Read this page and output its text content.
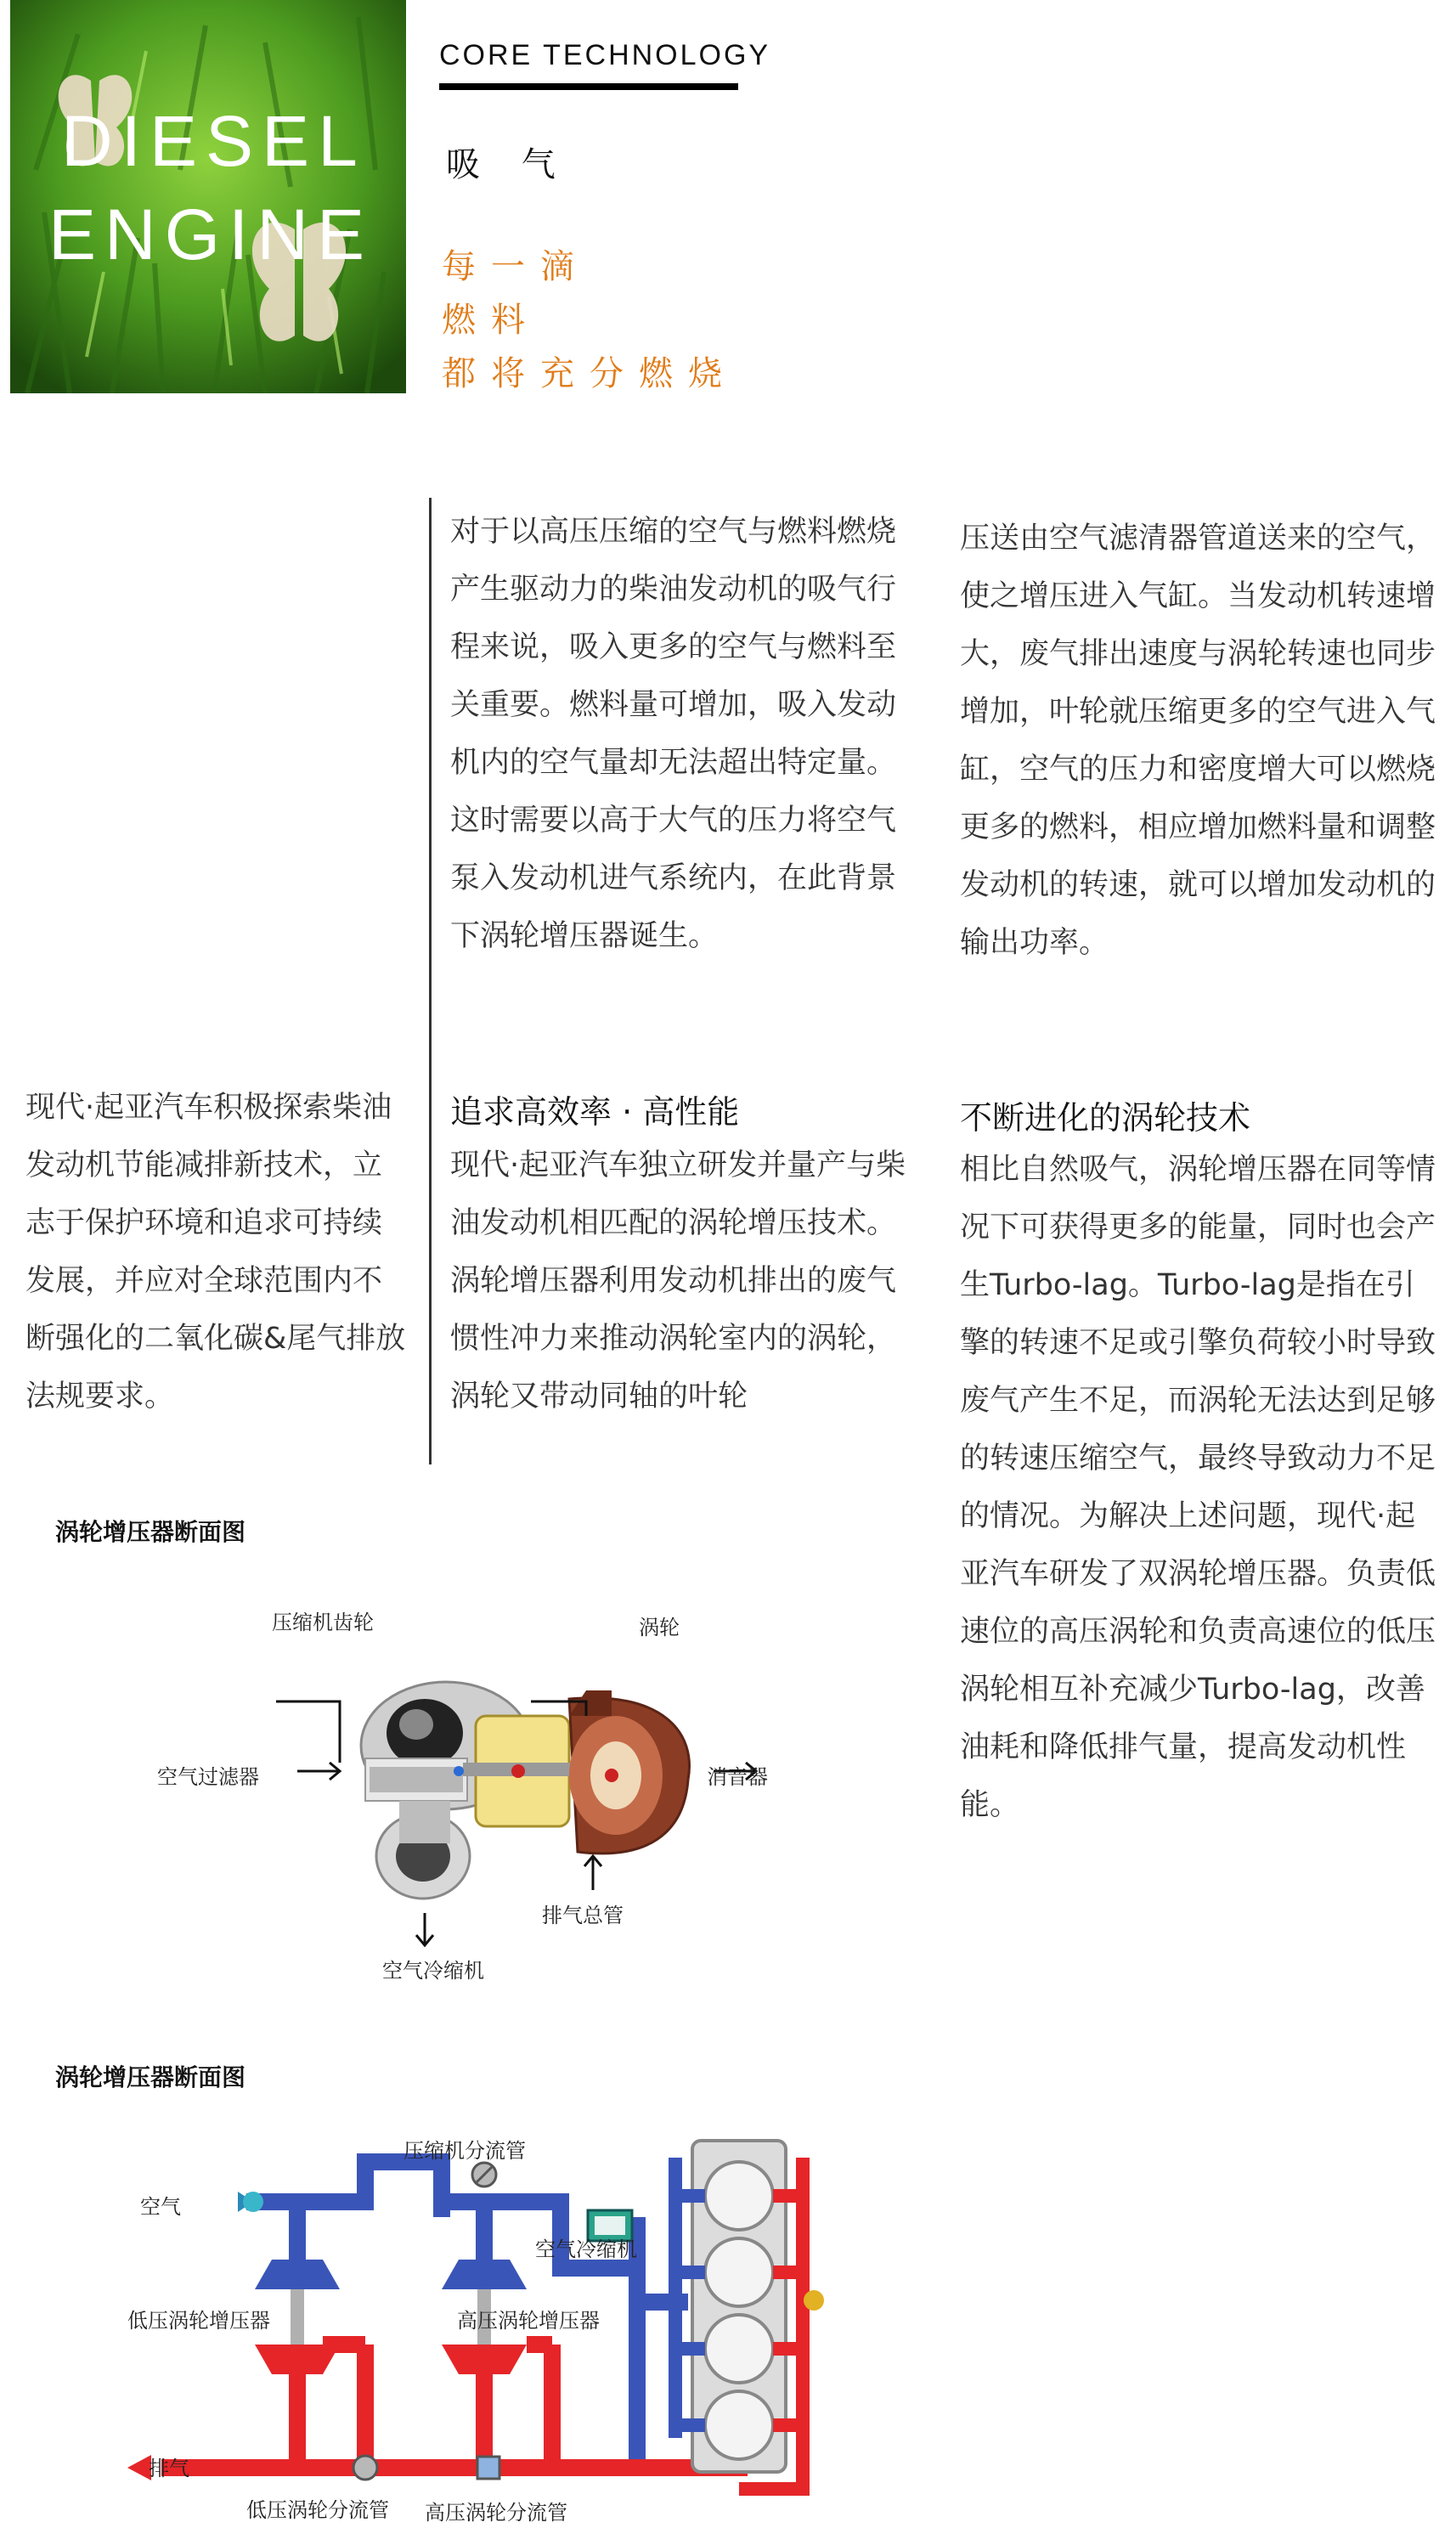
DIESEL
ENGINE
CORE TECHNOLOGY
吸 气
每一滴
燃料
都将充分燃烧

现代·起亚汽车积极探索柴油发动机节能减排新技术，立志于保护环境和追求可持续发展，并应对全球范围内不断强化的二氧化碳&尾气排放法规要求。

对于以高压压缩的空气与燃料燃烧产生驱动力的柴油发动机的吸气行程来说，吸入更多的空气与燃料至关重要。燃料量可增加，吸入发动机内的空气量却无法超出特定量。这时需要以高于大气的压力将空气泵入发动机进气系统内，在此背景下涡轮增压器诞生。

追求高效率 · 高性能

现代·起亚汽车独立研发并量产与柴油发动机相匹配的涡轮增压技术。涡轮增压器利用发动机排出的废气惯性冲力来推动涡轮室内的涡轮，涡轮又带动同轴的叶轮

压送由空气滤清器管道送来的空气，使之增压进入气缸。当发动机转速增大，废气排出速度与涡轮转速也同步增加，叶轮就压缩更多的空气进入气缸，空气的压力和密度增大可以燃烧更多的燃料，相应增加燃料量和调整发动机的转速，就可以增加发动机的输出功率。

不断进化的涡轮技术

相比自然吸气，涡轮增压器在同等情况下可获得更多的能量，同时也会产生Turbo-lag。Turbo-lag是指在引擎的转速不足或引擎负荷较小时导致废气产生不足，而涡轮无法达到足够的转速压缩空气，最终导致动力不足的情况。为解决上述问题，现代·起亚汽车研发了双涡轮增压器。负责低速位的高压涡轮和负责高速位的低压涡轮相互补充减少Turbo-lag，改善油耗和降低排气量，提高发动机性能。

涡轮增压器断面图
压缩机齿轮	涡轮
空气过滤器	消音器
排气总管
空气冷缩机
涡轮增压器断面图
压缩机分流管
空气
空气冷缩机
低压涡轮增压器	高压涡轮增压器
排气
低压涡轮分流管 高压涡轮分流管
